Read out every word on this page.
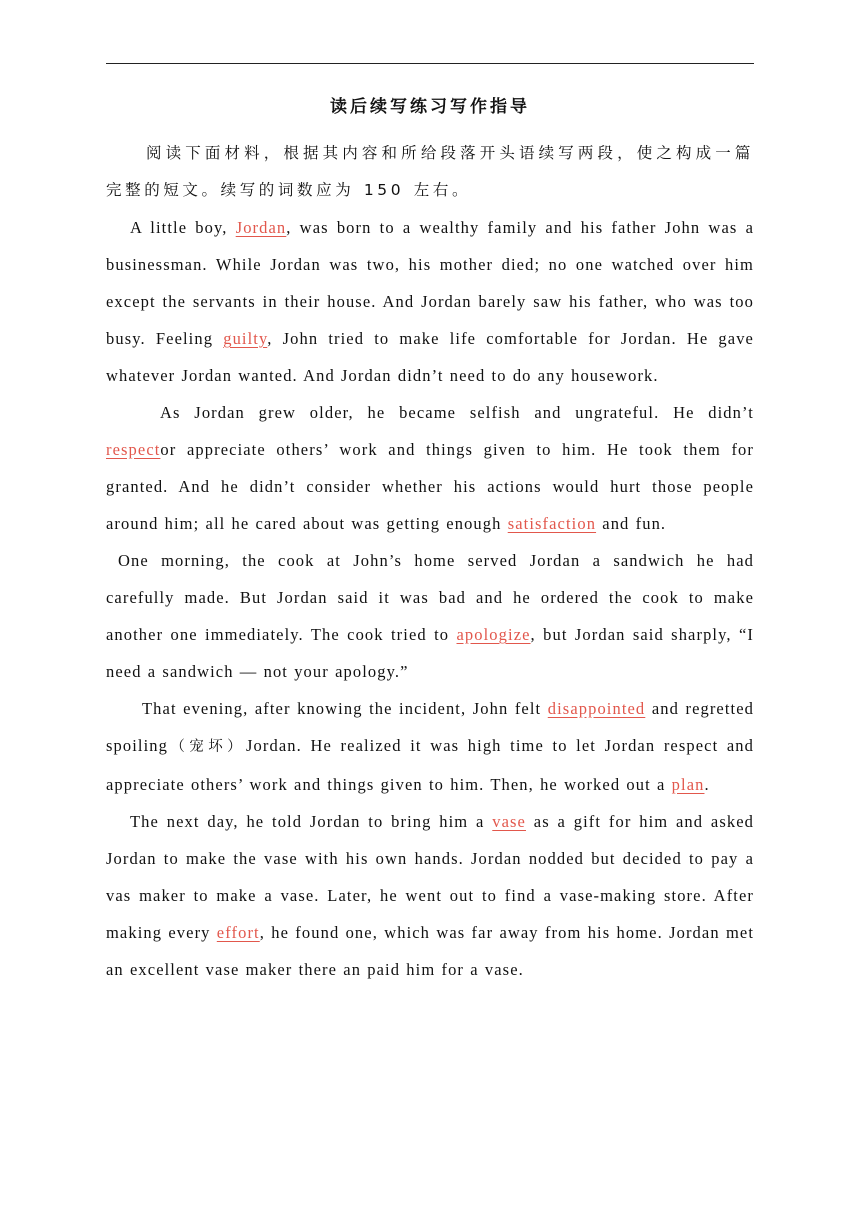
读后续写练习写作指导

阅读下面材料，根据其内容和所给段落开头语续写两段，使之构成一篇完整的短文。续写的词数应为 150 左右。

A little boy, Jordan, was born to a wealthy family and his father John was a businessman. While Jordan was two, his mother died; no one watched over him except the servants in their house. And Jordan barely saw his father, who was too busy. Feeling guilty, John tried to make life comfortable for Jordan. He gave whatever Jordan wanted. And Jordan didn’t need to do any housework.

As Jordan grew older, he became selfish and ungrateful. He didn’t respector appreciate others’ work and things given to him. He took them for granted. And he didn’t consider whether his actions would hurt those people around him; all he cared about was getting enough satisfaction and fun.

One morning, the cook at John’s home served Jordan a sandwich he had carefully made. But Jordan said it was bad and he ordered the cook to make another one immediately. The cook tried to apologize, but Jordan said sharply, “I need a sandwich — not your apology.”

That evening, after knowing the incident, John felt disappointed and regretted spoiling（宠坏）Jordan. He realized it was high time to let Jordan respect and appreciate others’ work and things given to him. Then, he worked out a plan.

The next day, he told Jordan to bring him a vase as a gift for him and asked Jordan to make the vase with his own hands. Jordan nodded but decided to pay a vas maker to make a vase. Later, he went out to find a vase-making store. After making every effort, he found one, which was far away from his home. Jordan met an excellent vase maker there an paid him for a vase.
